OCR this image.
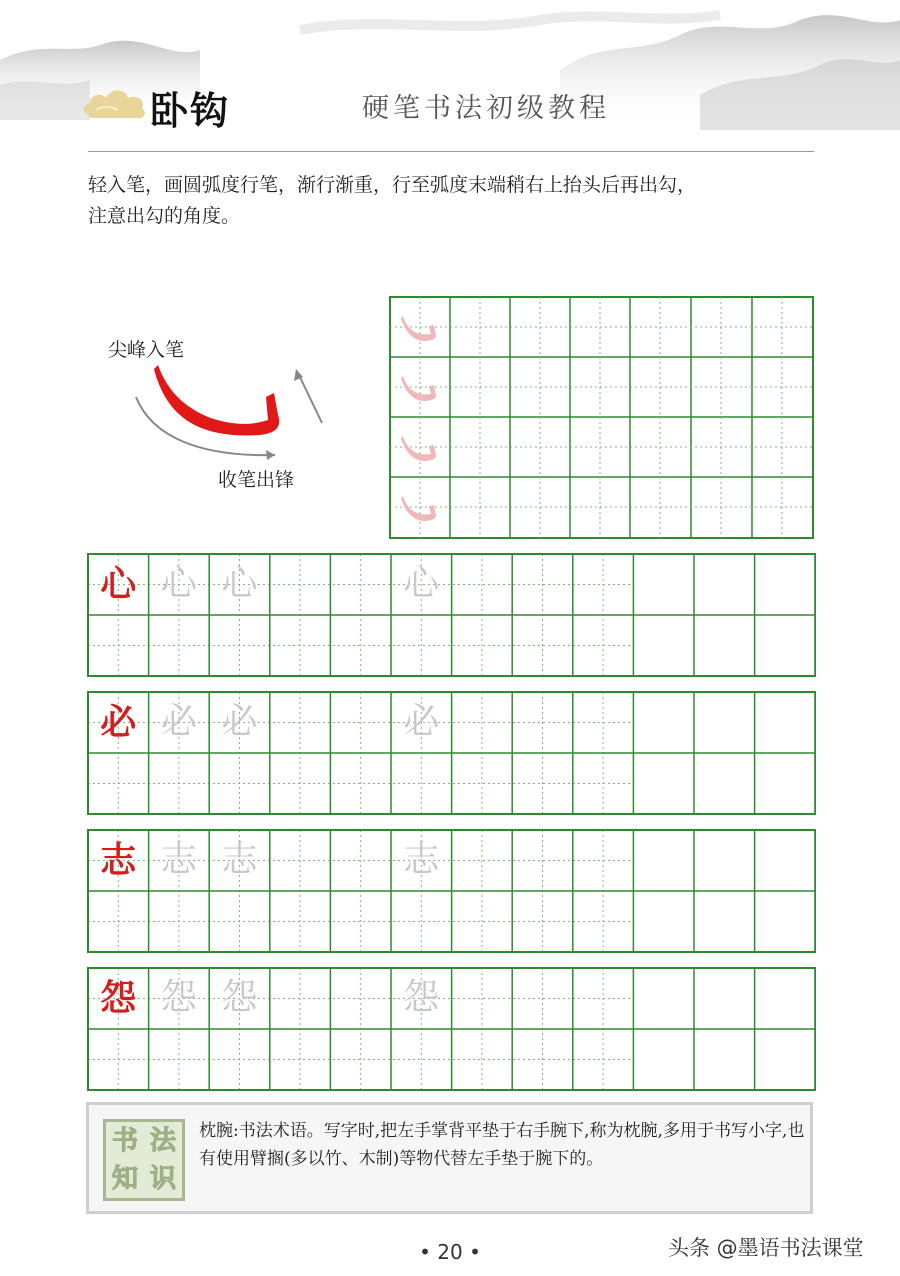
卧钩	硬笔书法初级教程
轻入笔，画圆弧度行笔，渐行渐重，行至弧度末端稍右上抬头后再出勾，
注意出勾的角度。
尖峰入笔
收笔出锋
心 心 心	心
必 必 必	必
志 志 志	志
怨 怨 怨	怨
书 法
知 识
枕腕:书法术语。写字时,把左手掌背平垫于右手腕下,称为枕腕,多用于书写小字,也有使用臂搁(多以竹、木制)等物代替左手垫于腕下的。
• 20 •	头条 @墨语书法课堂
